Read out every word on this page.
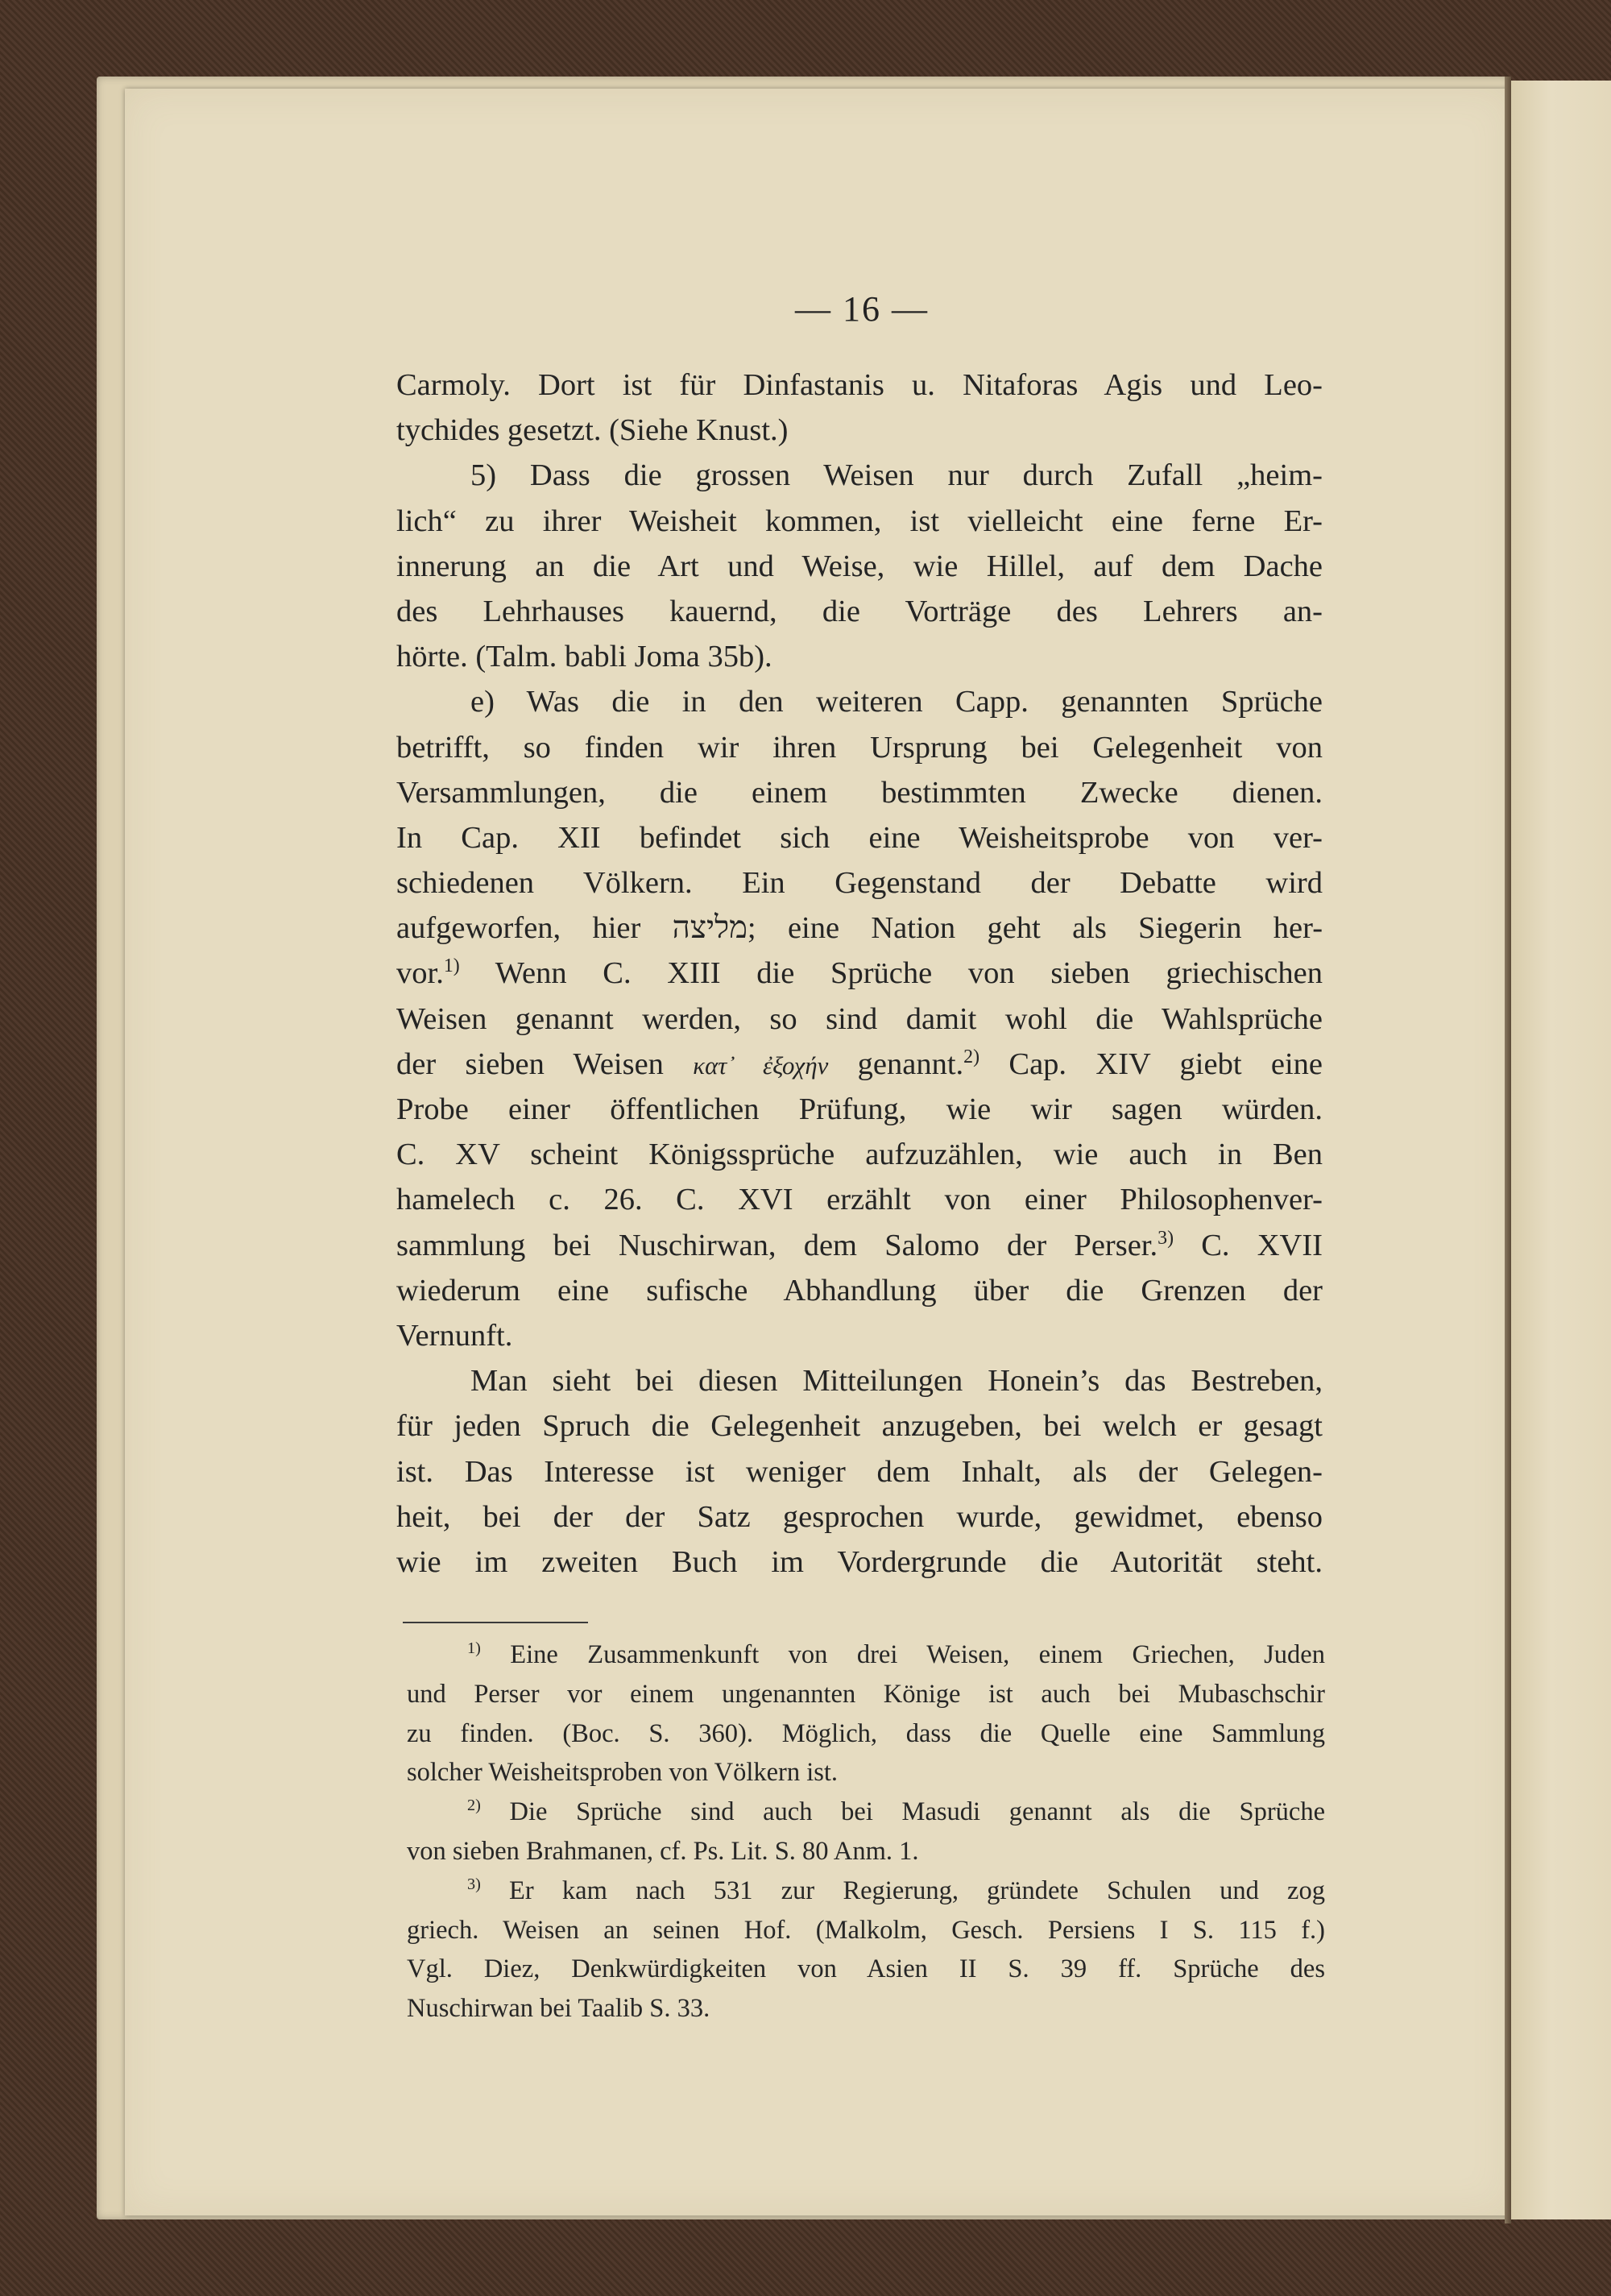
— 16 —
Carmoly. Dort ist für Dinfastanis u. Nitaforas Agis und Leo-
tychides gesetzt. (Siehe Knust.)
5) Dass die grossen Weisen nur durch Zufall „heim-
lich“ zu ihrer Weisheit kommen, ist vielleicht eine ferne Er-
innerung an die Art und Weise, wie Hillel, auf dem Dache
des Lehrhauses kauernd, die Vorträge des Lehrers an-
hörte. (Talm. babli Joma 35b).
e) Was die in den weiteren Capp. genannten Sprüche
betrifft, so finden wir ihren Ursprung bei Gelegenheit von
Versammlungen, die einem bestimmten Zwecke dienen.
In Cap. XII befindet sich eine Weisheitsprobe von ver-
schiedenen Völkern. Ein Gegenstand der Debatte wird
aufgeworfen, hier מליצה; eine Nation geht als Siegerin her-
vor.$^{1)}$ Wenn C. XIII die Sprüche von sieben griechischen
Weisen genannt werden, so sind damit wohl die Wahlsprüche
der sieben Weisen κατ᾽ ἐξοχήν genannt.$^{2)}$ Cap. XIV giebt eine
Probe einer öffentlichen Prüfung, wie wir sagen würden.
C. XV scheint Königssprüche aufzuzählen, wie auch in Ben
hamelech c. 26. C. XVI erzählt von einer Philosophenver-
sammlung bei Nuschirwan, dem Salomo der Perser.$^{3)}$ C. XVII
wiederum eine sufische Abhandlung über die Grenzen der
Vernunft.
Man sieht bei diesen Mitteilungen Honein’s das Bestreben,
für jeden Spruch die Gelegenheit anzugeben, bei welch er gesagt
ist. Das Interesse ist weniger dem Inhalt, als der Gelegen-
heit, bei der der Satz gesprochen wurde, gewidmet, ebenso
wie im zweiten Buch im Vordergrunde die Autorität steht.
$^{1)}$ Eine Zusammenkunft von drei Weisen, einem Griechen, Juden
und Perser vor einem ungenannten Könige ist auch bei Mubaschschir
zu finden. (Boc. S. 360). Möglich, dass die Quelle eine Sammlung
solcher Weisheitsproben von Völkern ist.
$^{2)}$ Die Sprüche sind auch bei Masudi genannt als die Sprüche
von sieben Brahmanen, cf. Ps. Lit. S. 80 Anm. 1.
$^{3)}$ Er kam nach 531 zur Regierung, gründete Schulen und zog
griech. Weisen an seinen Hof. (Malkolm, Gesch. Persiens I S. 115 f.)
Vgl. Diez, Denkwürdigkeiten von Asien II S. 39 ff. Sprüche des
Nuschirwan bei Taalib S. 33.
